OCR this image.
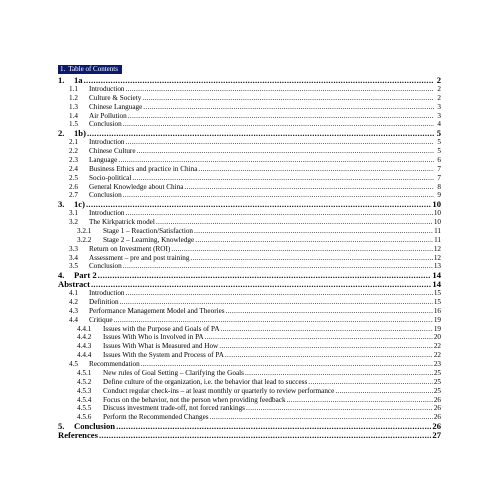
1. Table of Contents
1.	1a .....	2
1.1	Introduction .....	2
1.2	Culture & Society .....	2
1.3	Chinese Language .....	3
1.4	Air Pollution .....	3
1.5	Conclusion .....	4
2.	1b) .....	5
2.1	Introduction .....	5
2.2	Chinese Culture .....	5
2.3	Language .....	6
2.4	Business Ethics and practice in China .....	7
2.5	Socio-political .....	7
2.6	General Knowledge about China .....	8
2.7	Conclusion .....	9
3.	1c) .....	10
3.1	Introduction .....	10
3.2	The Kirkpatrick model .....	10
3.2.1	Stage 1 – Reaction/Satisfaction .....	11
3.2.2	Stage 2 – Learning, Knowledge .....	11
3.3	Return on Investment (ROI) .....	12
3.4	Assessment – pre and post training .....	12
3.5	Conclusion .....	13
4.	Part 2 .....	14
Abstract .....	14
4.1	Introduction .....	15
4.2	Definition .....	15
4.3	Performance Management Model and Theories .....	16
4.4	Critique .....	19
4.4.1	Issues with the Purpose and Goals of PA .....	19
4.4.2	Issues With Who is Involved in PA .....	20
4.4.3	Issues With What is Measured and How .....	22
4.4.4	Issues With the System and Process of PA .....	22
4.5	Recommendation .....	23
4.5.1	New rules of Goal Setting – Clarifying the Goals .....	25
4.5.2	Define culture of the organization, i.e. the behavior that lead to success .....	25
4.5.3	Conduct regular check-ins – at least monthly or quarterly to review performance .....	25
4.5.4	Focus on the behavior, not the person when providing feedback .....	26
4.5.5	Discuss investment trade-off, not forced rankings .....	26
4.5.6	Perform the Recommended Changes .....	26
5.	Conclusion .....	26
References .....	27
